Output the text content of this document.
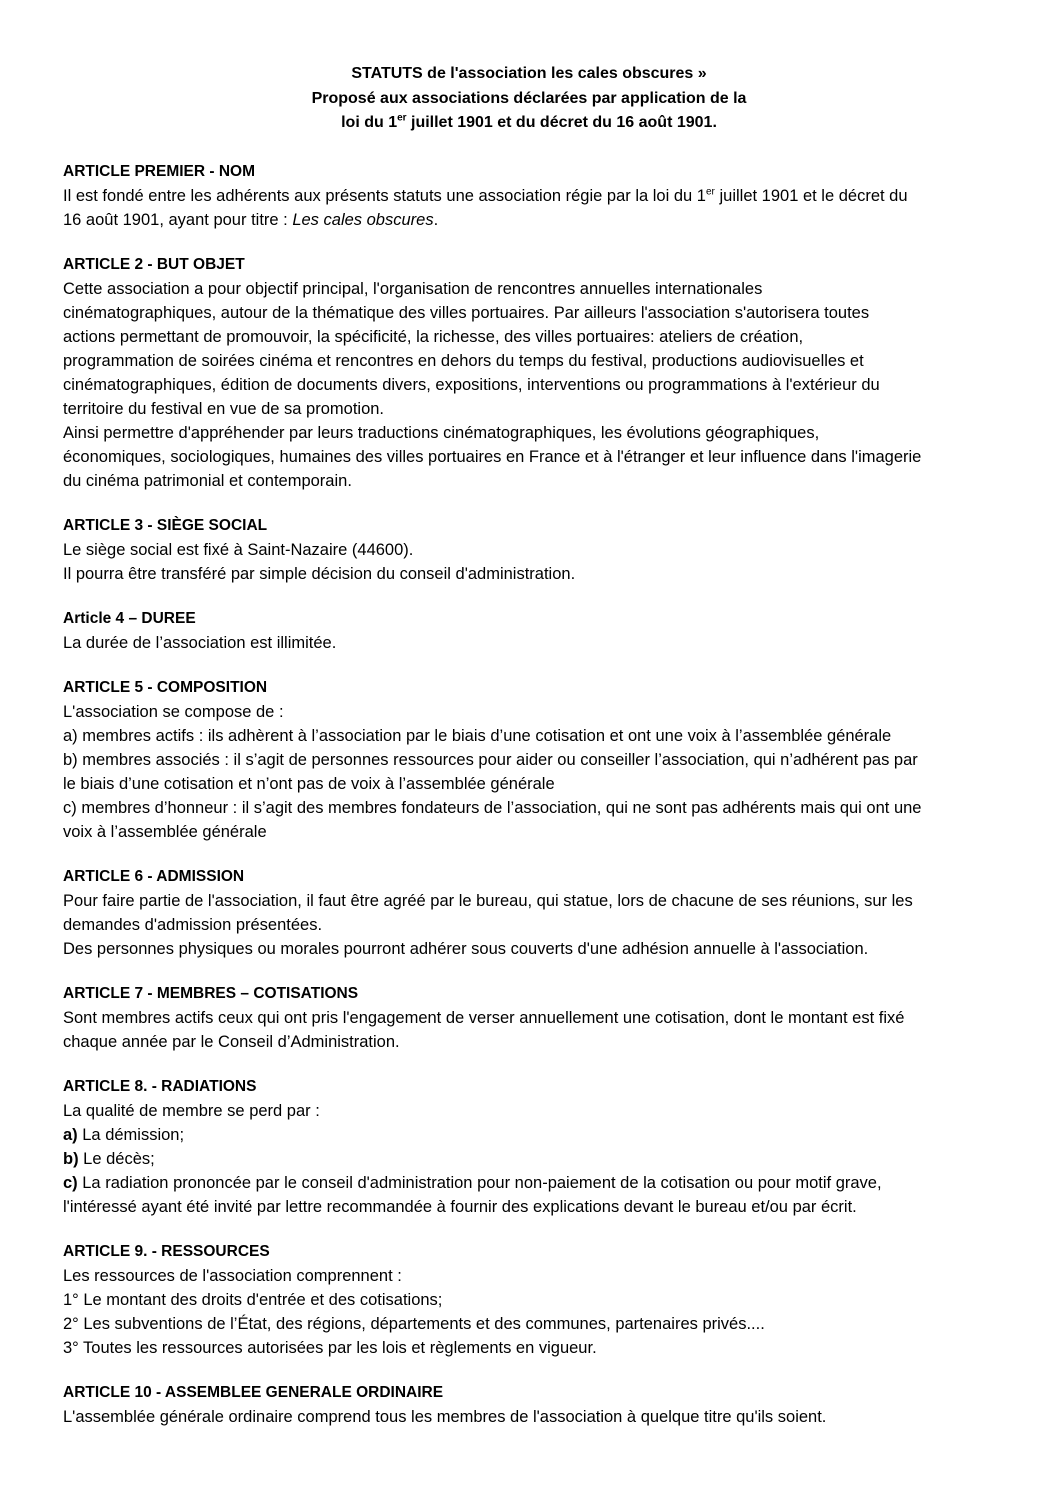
STATUTS de l'association les cales obscures »
Proposé aux associations déclarées par application de la
loi du 1er juillet 1901 et du décret du 16 août 1901.
ARTICLE PREMIER - NOM
Il est fondé entre les adhérents aux présents statuts une association régie par la loi du 1er juillet 1901 et le décret du
16 août 1901, ayant pour titre : Les cales obscures.
ARTICLE 2 - BUT OBJET
Cette association a pour objectif principal, l'organisation de rencontres annuelles internationales
cinématographiques, autour de la thématique des villes portuaires. Par ailleurs l'association s'autorisera toutes
actions permettant de promouvoir, la spécificité, la richesse, des villes portuaires: ateliers de création,
programmation de soirées cinéma et rencontres en dehors du temps du festival, productions audiovisuelles et
cinématographiques, édition de documents divers, expositions, interventions ou programmations à l'extérieur du
territoire du festival en vue de sa promotion.
Ainsi permettre d'appréhender par leurs traductions cinématographiques, les évolutions géographiques,
économiques, sociologiques, humaines des villes portuaires en France et à l'étranger et leur influence dans l'imagerie
du cinéma patrimonial et contemporain.
ARTICLE 3 - SIÈGE SOCIAL
Le siège social est fixé à Saint-Nazaire (44600).
Il pourra être transféré par simple décision du conseil d'administration.
Article 4 – DUREE
La durée de l’association est illimitée.
ARTICLE 5 - COMPOSITION
L'association se compose de :
a) membres actifs : ils adhèrent à l’association par le biais d’une cotisation et ont une voix à l’assemblée générale
b) membres associés : il s’agit de personnes ressources pour aider ou conseiller l’association, qui n’adhérent pas par
le biais d’une cotisation et n’ont pas de voix à l’assemblée générale
c) membres d’honneur : il s’agit des membres fondateurs de l’association, qui ne sont pas adhérents mais qui ont une
voix à l’assemblée générale
ARTICLE 6 - ADMISSION
Pour faire partie de l'association, il faut être agréé par le bureau, qui statue, lors de chacune de ses réunions, sur les
demandes d'admission présentées.
Des personnes physiques ou morales pourront adhérer sous couverts d'une adhésion annuelle à l'association.
ARTICLE 7 - MEMBRES – COTISATIONS
Sont membres actifs ceux qui ont pris l'engagement de verser annuellement une cotisation, dont le montant est fixé
chaque année par le Conseil d’Administration.
ARTICLE 8. - RADIATIONS
La qualité de membre se perd par :
a) La démission;
b) Le décès;
c) La radiation prononcée par le conseil d'administration pour non-paiement de la cotisation ou pour motif grave,
l'intéressé ayant été invité par lettre recommandée à fournir des explications devant le bureau et/ou par écrit.
ARTICLE 9. - RESSOURCES
Les ressources de l'association comprennent :
1° Le montant des droits d'entrée et des cotisations;
2° Les subventions de l’État, des régions, départements et des communes, partenaires privés....
3° Toutes les ressources autorisées par les lois et règlements en vigueur.
ARTICLE 10 - ASSEMBLEE GENERALE ORDINAIRE
L'assemblée générale ordinaire comprend tous les membres de l'association à quelque titre qu'ils soient.
